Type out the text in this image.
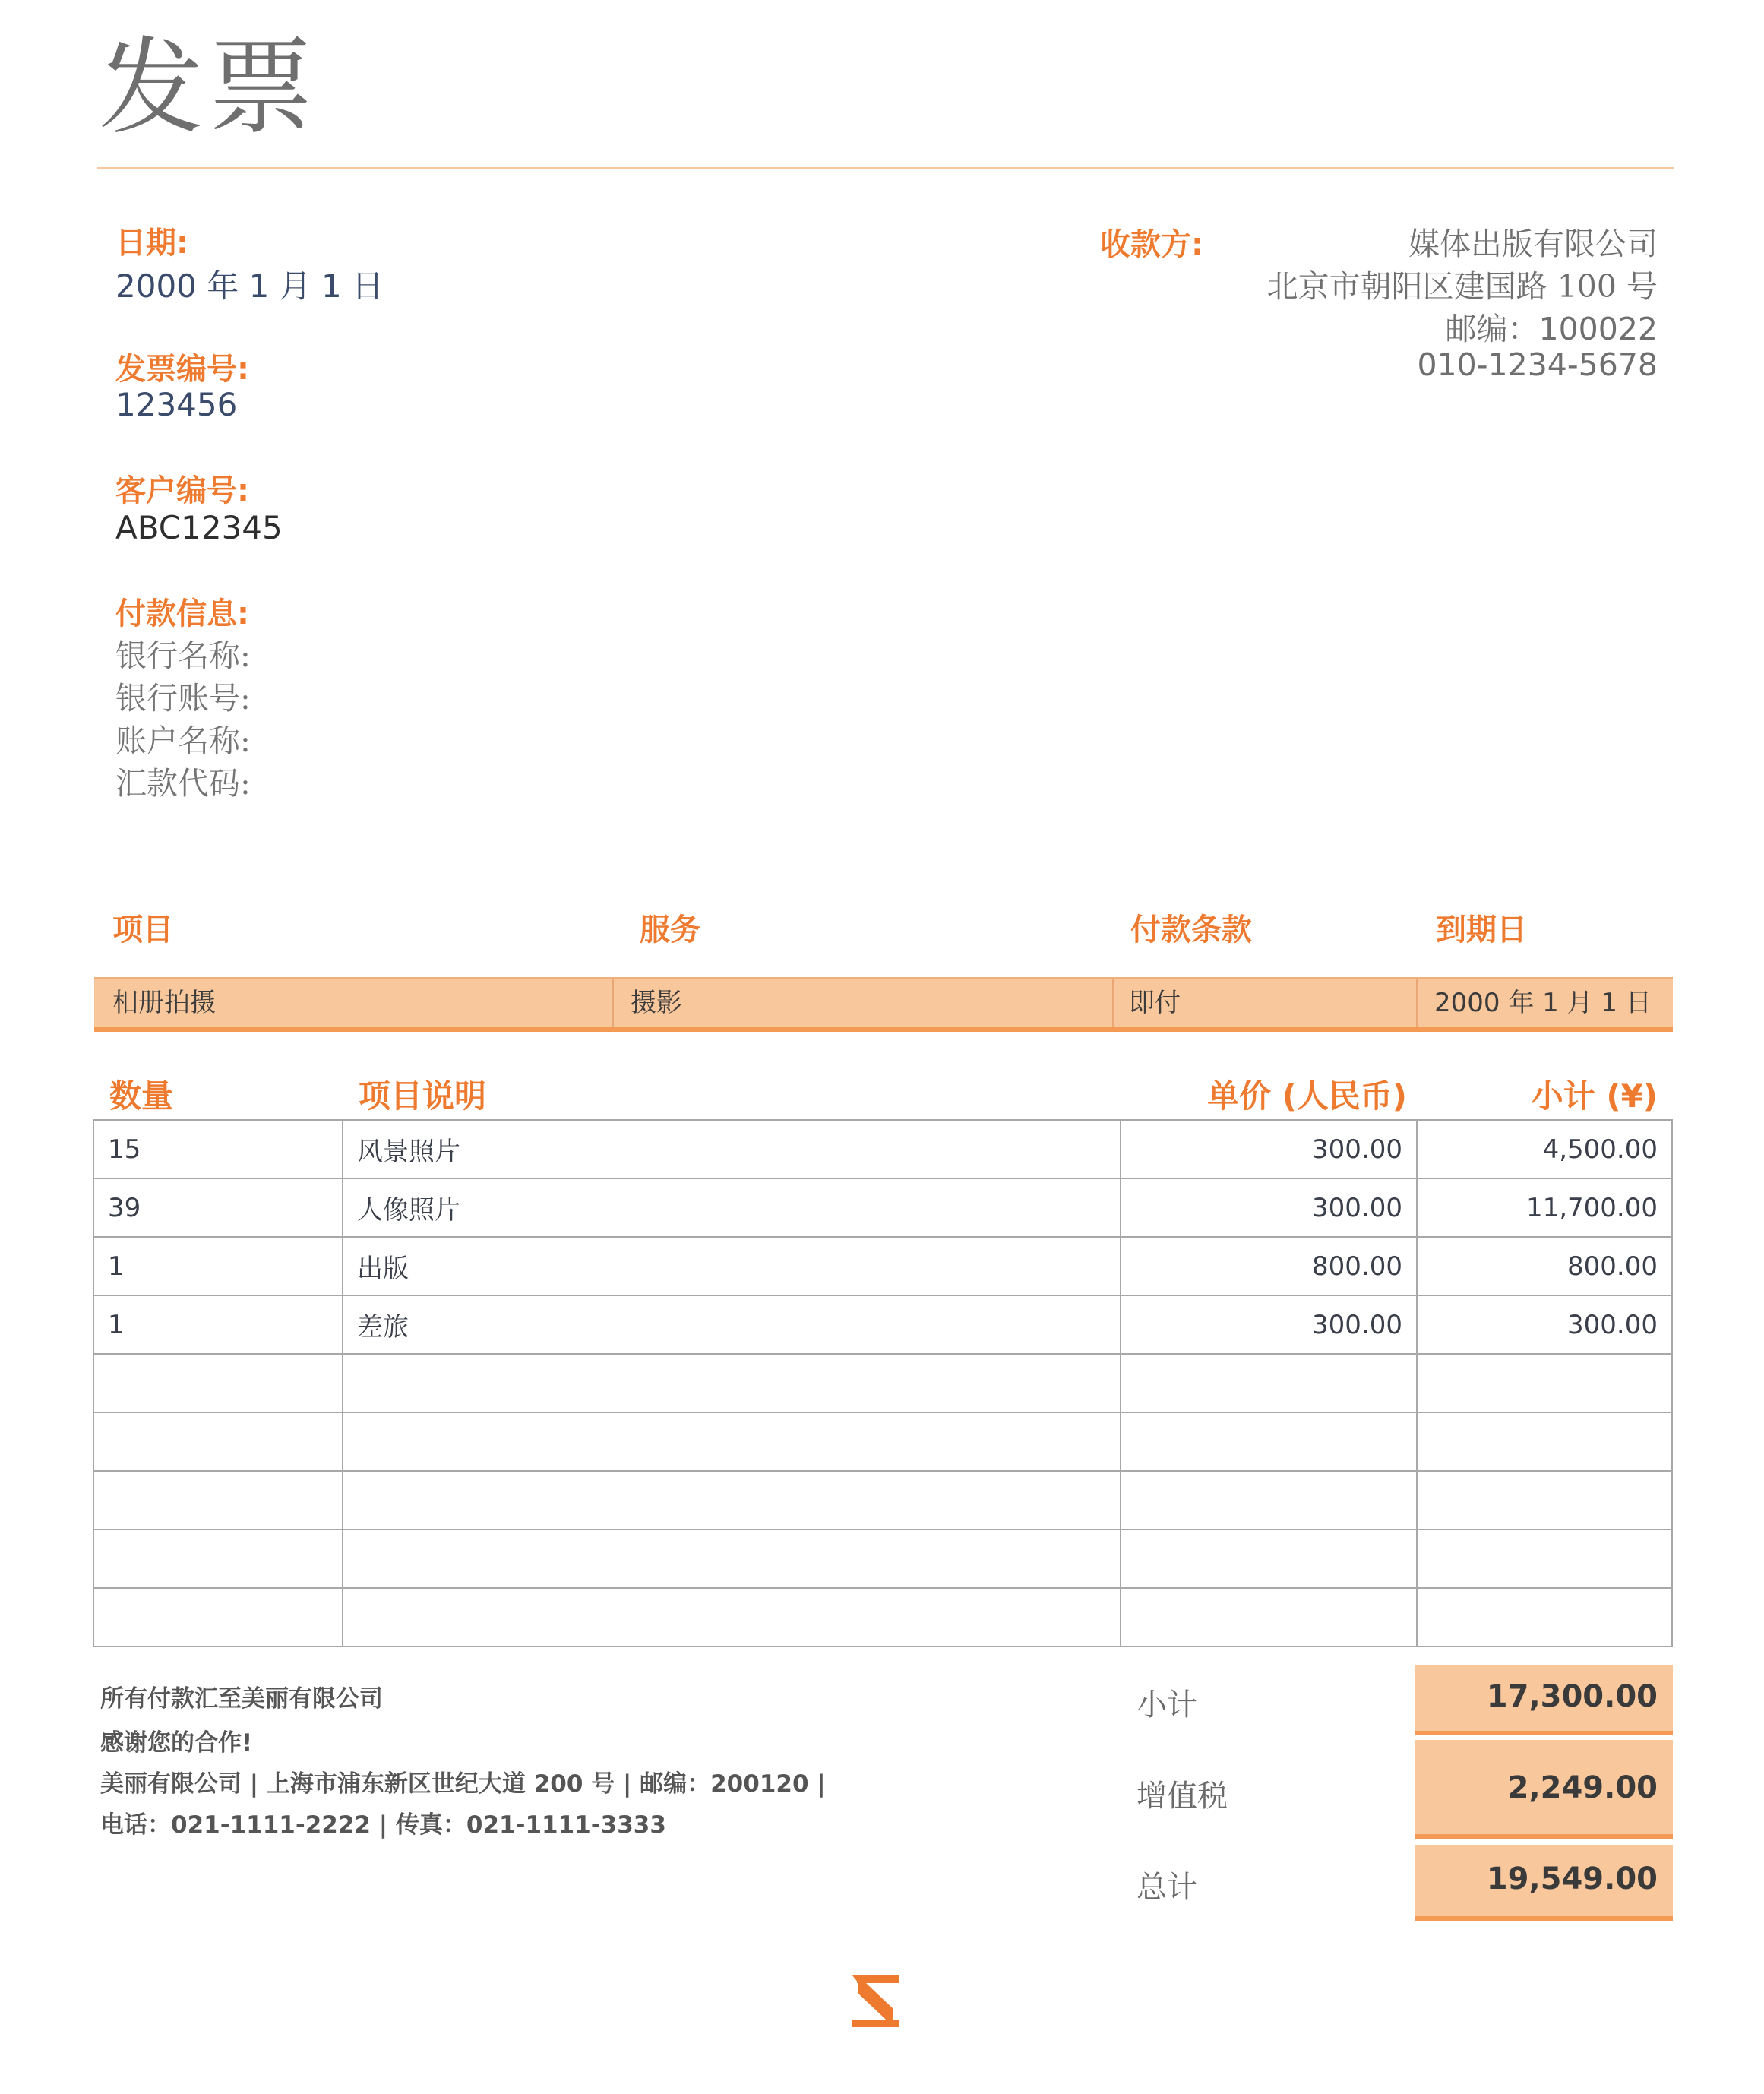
发票
日期:
2000 年 1 月 1 日
发票编号:
123456
客户编号:
ABC12345
付款信息:
银行名称:
银行账号:
账户名称:
汇款代码:
收款方:	媒体出版有限公司
北京市朝阳区建国路 100 号
邮编：100022
010-1234-5678
项目	服务	付款条款	到期日
相册拍摄	摄影	即付	2000 年 1 月 1 日
数量	项目说明	单价 (人民币)	小计 (¥)
15	风景照片	300.00	4,500.00
39	人像照片	300.00	11,700.00
1	出版	800.00	800.00
1	差旅	300.00	300.00

所有付款汇至美丽有限公司
感谢您的合作!
美丽有限公司 | 上海市浦东新区世纪大道 200 号 | 邮编：200120 |
电话：021-1111-2222 | 传真：021-1111-3333
小计	17,300.00
增值税	2,249.00
总计	19,549.00
